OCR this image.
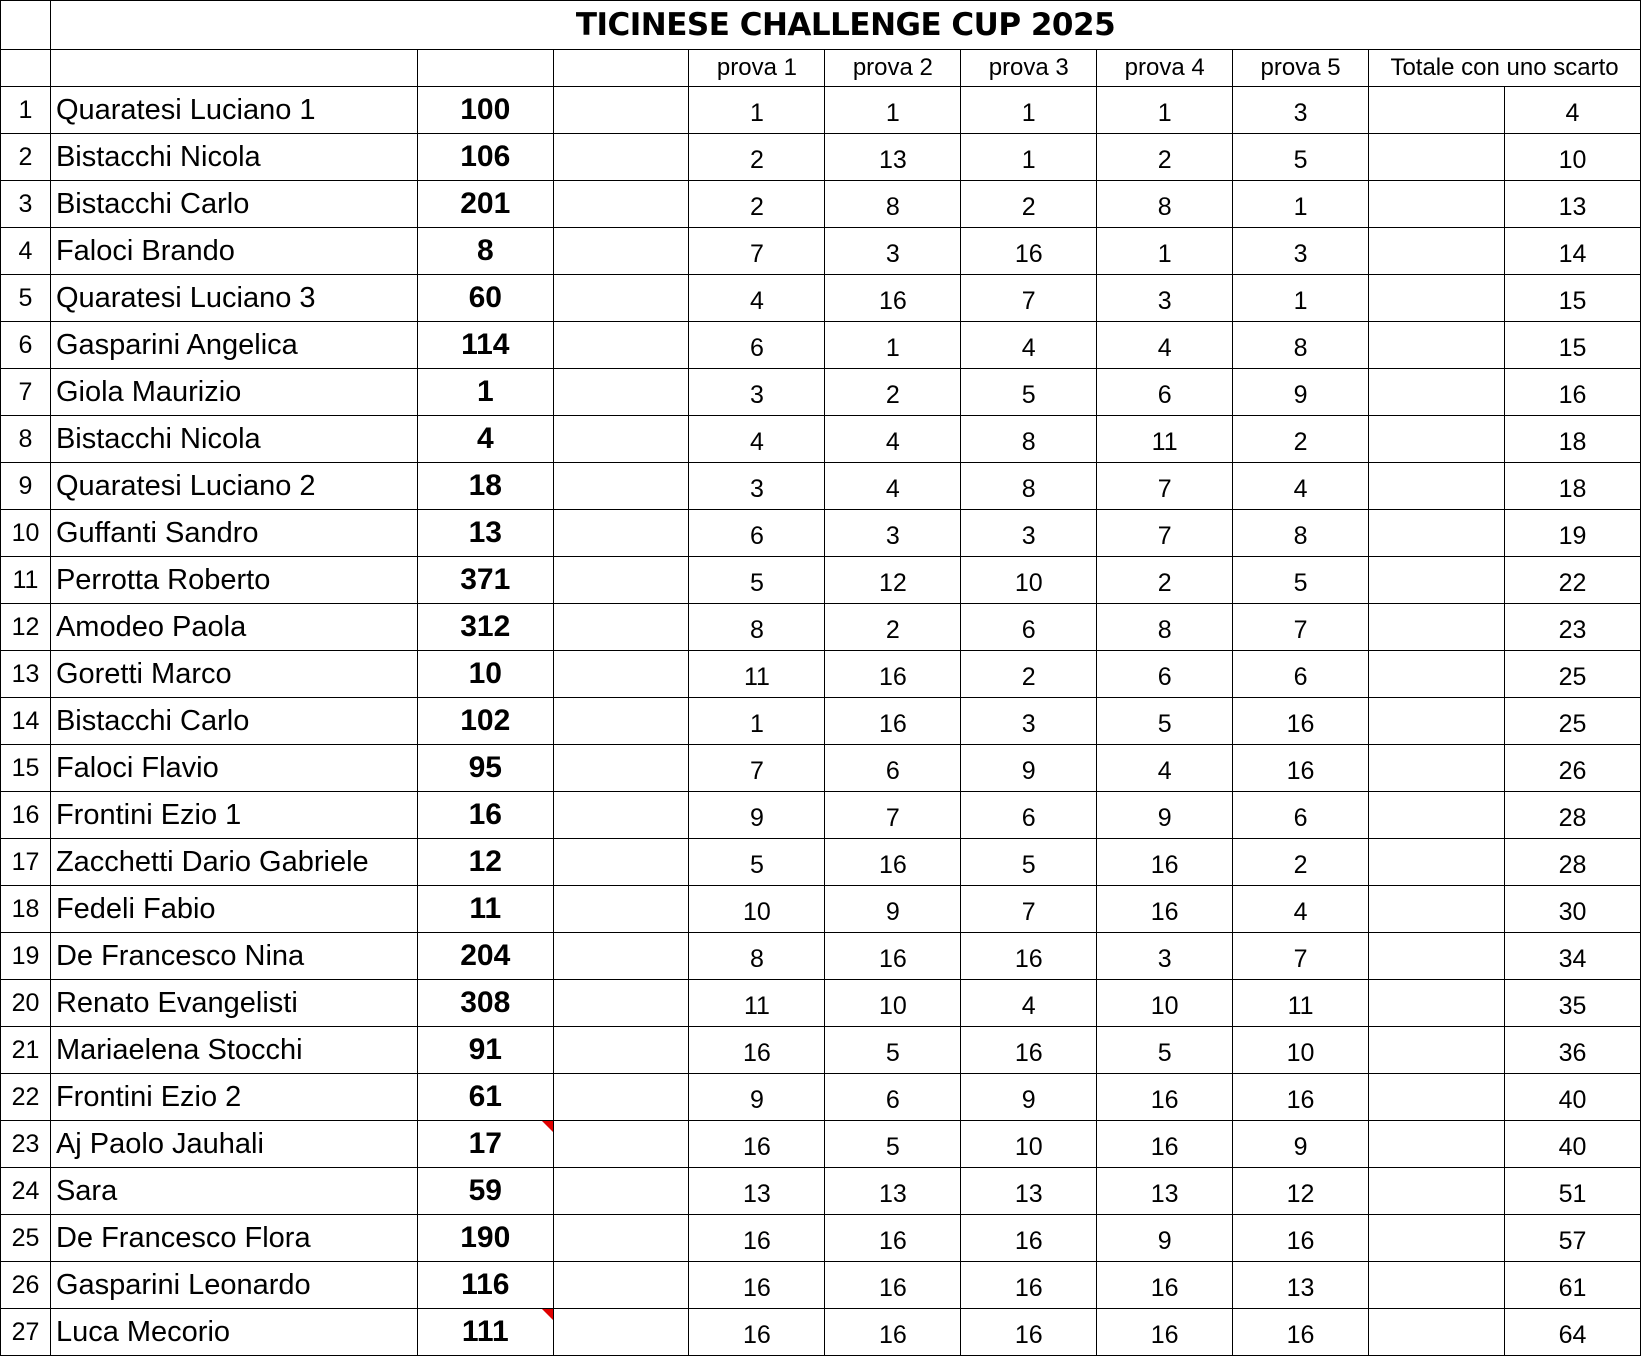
	TICINESE CHALLENGE CUP 2025									
				prova 1	prova 2	prova 3	prova 4	prova 5	Totale con uno scarto	
1	Quaratesi Luciano 1	100		1	1	1	1	3		4
2	Bistacchi Nicola	106		2	13	1	2	5		10
3	Bistacchi Carlo	201		2	8	2	8	1		13
4	Faloci Brando	8		7	3	16	1	3		14
5	Quaratesi Luciano 3	60		4	16	7	3	1		15
6	Gasparini Angelica	114		6	1	4	4	8		15
7	Giola Maurizio	1		3	2	5	6	9		16
8	Bistacchi Nicola	4		4	4	8	11	2		18
9	Quaratesi Luciano 2	18		3	4	8	7	4		18
10	Guffanti Sandro	13		6	3	3	7	8		19
11	Perrotta Roberto	371		5	12	10	2	5		22
12	Amodeo Paola	312		8	2	6	8	7		23
13	Goretti Marco	10		11	16	2	6	6		25
14	Bistacchi Carlo	102		1	16	3	5	16		25
15	Faloci Flavio	95		7	6	9	4	16		26
16	Frontini Ezio 1	16		9	7	6	9	6		28
17	Zacchetti Dario Gabriele	12		5	16	5	16	2		28
18	Fedeli Fabio	11		10	9	7	16	4		30
19	De Francesco Nina	204		8	16	16	3	7		34
20	Renato Evangelisti	308		11	10	4	10	11		35
21	Mariaelena Stocchi	91		16	5	16	5	10		36
22	Frontini Ezio 2	61		9	6	9	16	16		40
23	Aj Paolo Jauhali	17		16	5	10	16	9		40
24	Sara	59		13	13	13	13	12		51
25	De Francesco Flora	190		16	16	16	9	16		57
26	Gasparini Leonardo	116		16	16	16	16	13		61
27	Luca Mecorio	111		16	16	16	16	16		64
